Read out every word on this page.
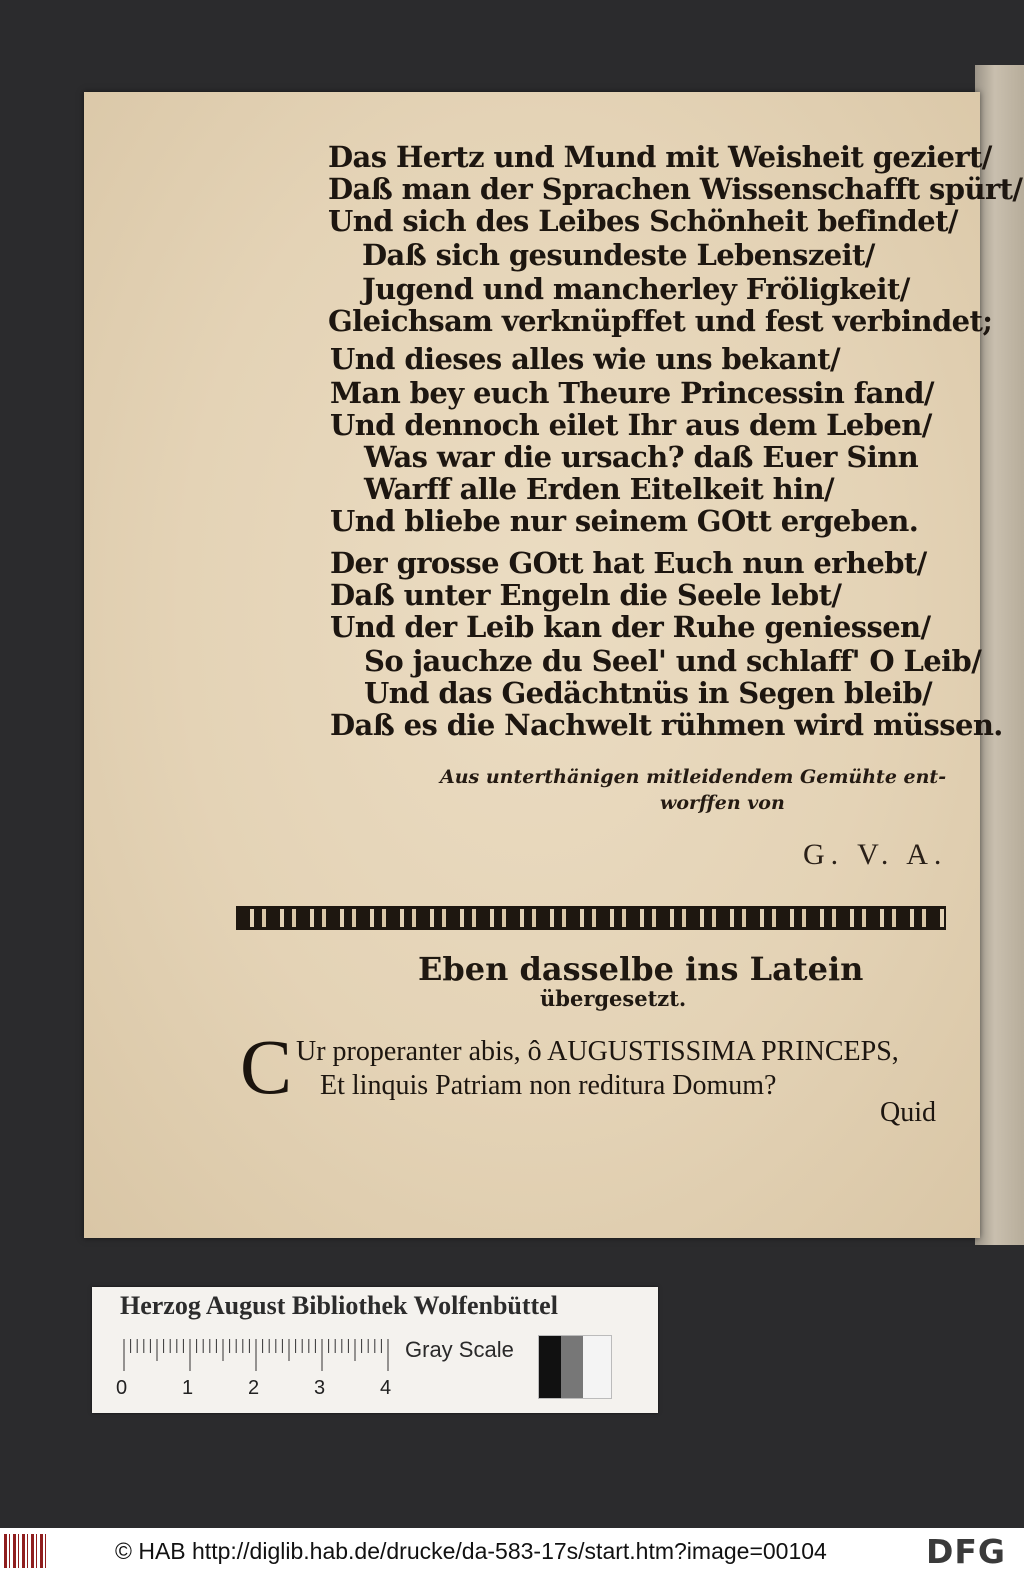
Das Hertz und Mund mit Weisheit geziert/
Daß man der Sprachen Wissenschafft spürt/
Und sich des Leibes Schönheit befindet/
Daß sich gesundeste Lebenszeit/
Jugend und mancherley Fröligkeit/
Gleichsam verknüpffet und fest verbindet;
Und dieses alles wie uns bekant/
Man bey euch Theure Princessin fand/
Und dennoch eilet Ihr aus dem Leben/
Was war die ursach? daß Euer Sinn
Warff alle Erden Eitelkeit hin/
Und bliebe nur seinem GOtt ergeben.
Der grosse GOtt hat Euch nun erhebt/
Daß unter Engeln die Seele lebt/
Und der Leib kan der Ruhe geniessen/
So jauchze du Seel' und schlaff' O Leib/
Und das Gedächtnüs in Segen bleib/
Daß es die Nachwelt rühmen wird müssen.
Aus unterthänigen mitleidendem Gemühte ent-
worffen von
G. V. A.
Eben dasselbe ins Latein
übergesetzt.
C Ur properanter abis, ô AUGUSTISSIMA PRINCEPS,
Et linquis Patriam non reditura Domum?
Quid
Herzog August Bibliothek Wolfenbüttel
0	1	2	3	4
Gray Scale
© HAB http://diglib.hab.de/drucke/da-583-17s/start.htm?image=00104	DFG
